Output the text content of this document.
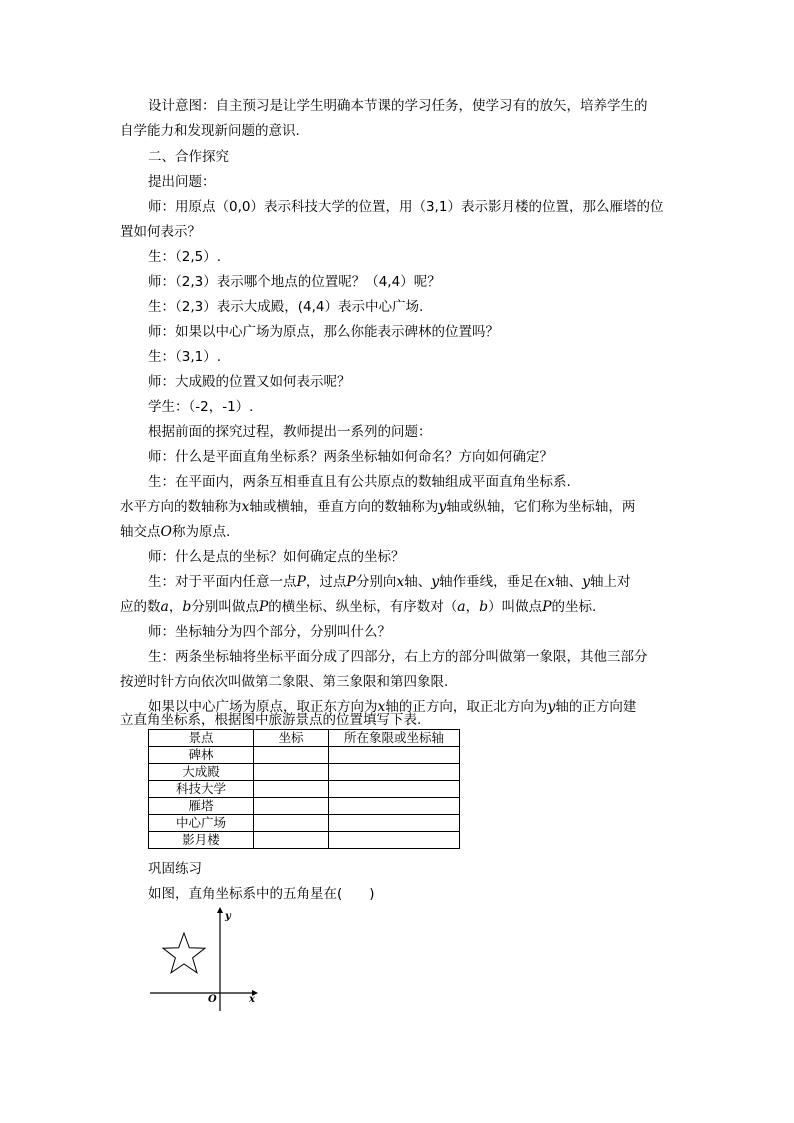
设计意图：自主预习是让学生明确本节课的学习任务，使学习有的放矢，培养学生的
自学能力和发现新问题的意识.
二、合作探究
提出问题：
师：用原点（0,0）表示科技大学的位置，用（3,1）表示影月楼的位置，那么雁塔的位
置如何表示？
生：（2,5）.
师：（2,3）表示哪个地点的位置呢？（4,4）呢？
生：（2,3）表示大成殿，(4,4）表示中心广场.
师：如果以中心广场为原点，那么你能表示碑林的位置吗？
生：（3,1）.
师：大成殿的位置又如何表示呢？
学生：（-2，-1）.
根据前面的探究过程，教师提出一系列的问题：
师：什么是平面直角坐标系？两条坐标轴如何命名？方向如何确定？
生：在平面内，两条互相垂直且有公共原点的数轴组成平面直角坐标系.
水平方向的数轴称为x轴或横轴，垂直方向的数轴称为y轴或纵轴，它们称为坐标轴，两
轴交点O称为原点.
师：什么是点的坐标？如何确定点的坐标？
生：对于平面内任意一点P，过点P分别向x轴、y轴作垂线，垂足在x轴、y轴上对
应的数a，b分别叫做点P的横坐标、纵坐标，有序数对（a，b）叫做点P的坐标.
师：坐标轴分为四个部分，分别叫什么？
生：两条坐标轴将坐标平面分成了四部分，右上方的部分叫做第一象限，其他三部分
按逆时针方向依次叫做第二象限、第三象限和第四象限.
如果以中心广场为原点，取正东方向为x轴的正方向，取正北方向为y轴的正方向建
立直角坐标系，根据图中旅游景点的位置填写下表.
景点	坐标	所在象限或坐标轴
碑林		
大成殿		
科技大学		
雁塔		
中心广场		
影月楼		
巩固练习
如图，直角坐标系中的五角星在(　　)
y
x
O
